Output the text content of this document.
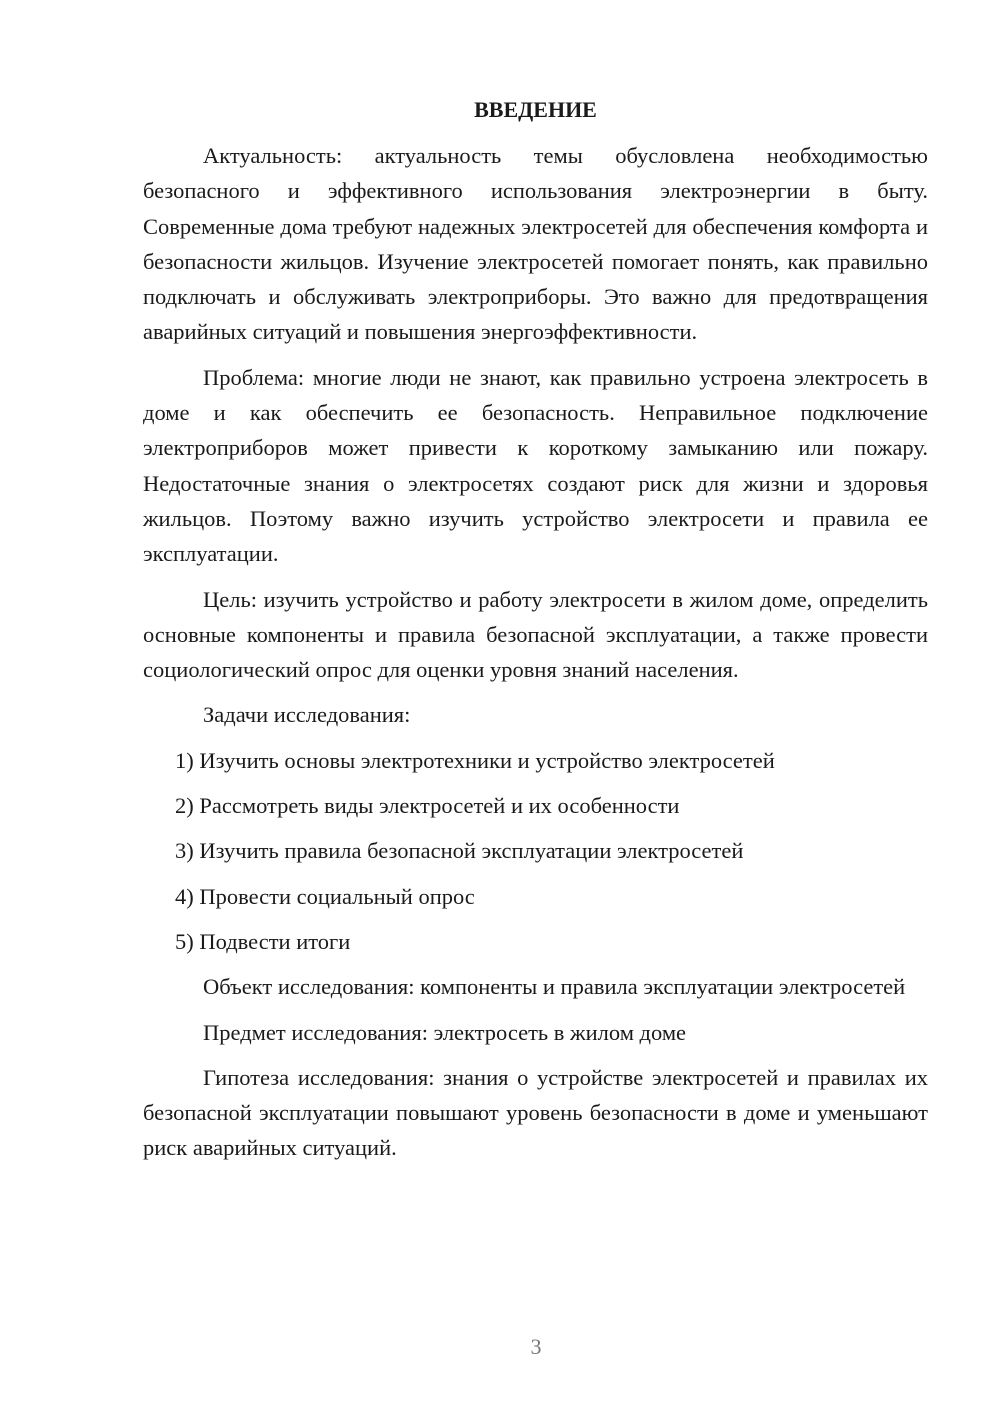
ВВЕДЕНИЕ

Актуальность: актуальность темы обусловлена необходимостью безопасного и эффективного использования электроэнергии в быту. Современные дома требуют надежных электросетей для обеспечения комфорта и безопасности жильцов. Изучение электросетей помогает понять, как правильно подключать и обслуживать электроприборы. Это важно для предотвращения аварийных ситуаций и повышения энергоэффективности.

Проблема: многие люди не знают, как правильно устроена электросеть в доме и как обеспечить ее безопасность. Неправильное подключение электроприборов может привести к короткому замыканию или пожару. Недостаточные знания о электросетях создают риск для жизни и здоровья жильцов. Поэтому важно изучить устройство электросети и правила ее эксплуатации.

Цель: изучить устройство и работу электросети в жилом доме, определить основные компоненты и правила безопасной эксплуатации, а также провести социологический опрос для оценки уровня знаний населения.

Задачи исследования:

1) Изучить основы электротехники и устройство электросетей
2) Рассмотреть виды электросетей и их особенности
3) Изучить правила безопасной эксплуатации электросетей
4) Провести социальный опрос
5) Подвести итоги

Объект исследования: компоненты и правила эксплуатации электросетей

Предмет исследования: электросеть в жилом доме

Гипотеза исследования: знания о устройстве электросетей и правилах их безопасной эксплуатации повышают уровень безопасности в доме и уменьшают риск аварийных ситуаций.

3
